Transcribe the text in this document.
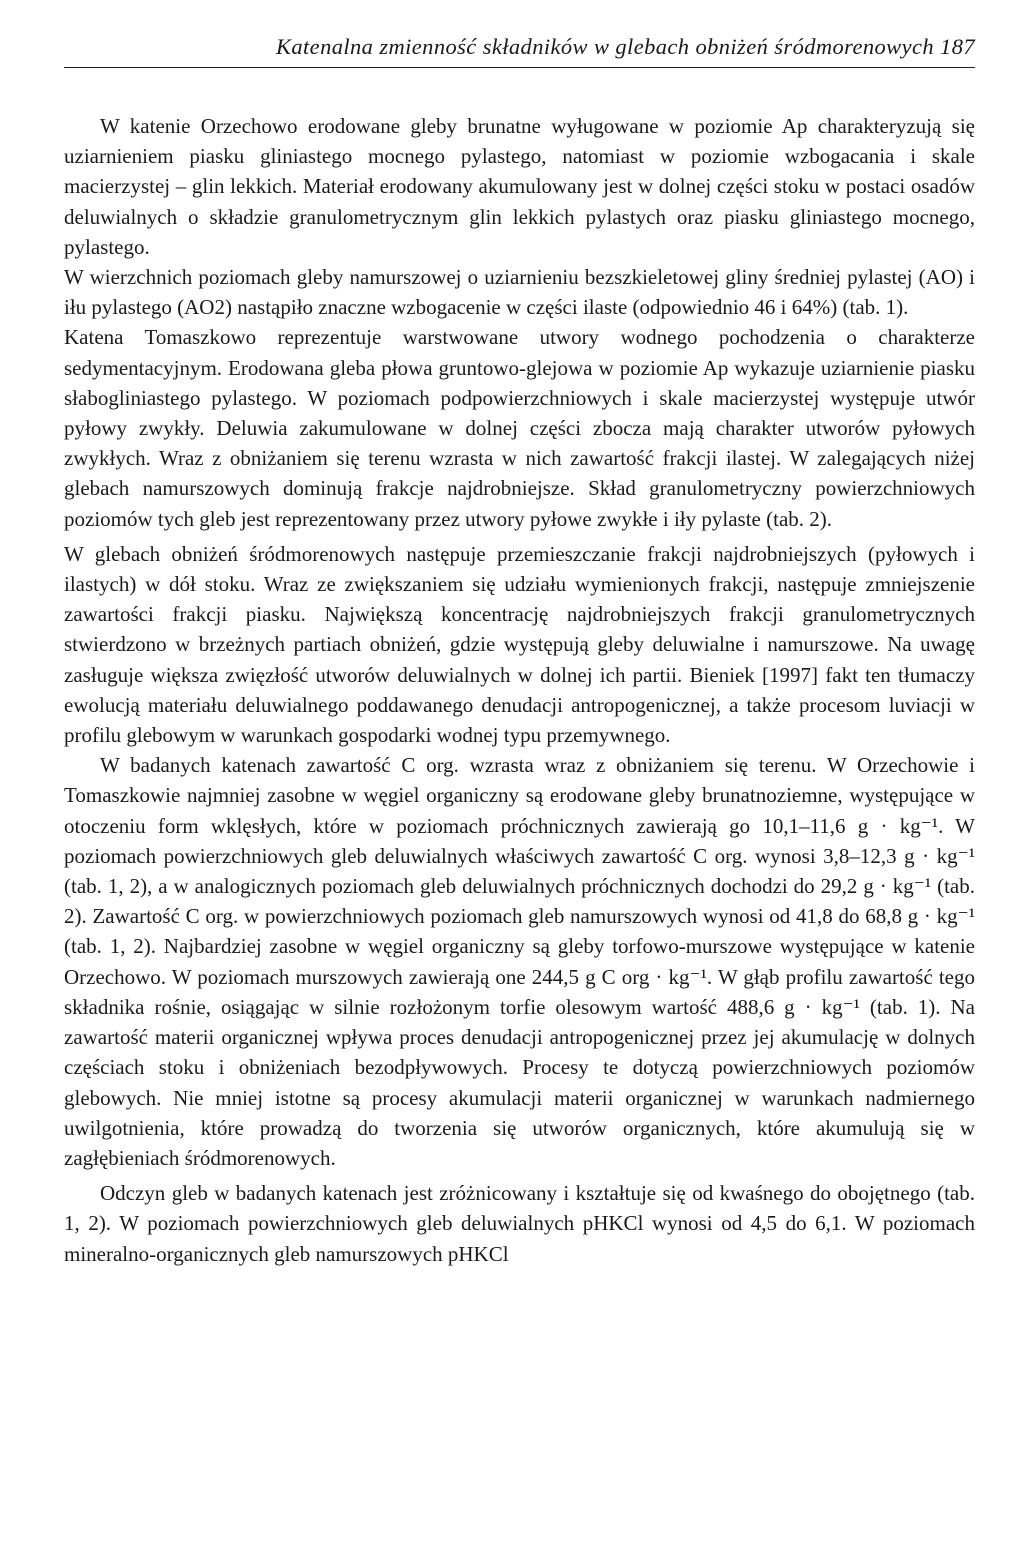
Katenalna zmienność składników w glebach obniżeń śródmorenowych 187

W katenie Orzechowo erodowane gleby brunatne wyługowane w poziomie Ap charakteryzują się uziarnieniem piasku gliniastego mocnego pylastego, natomiast w poziomie wzbogacania i skale macierzystej – glin lekkich. Materiał erodowany akumulowany jest w dolnej części stoku w postaci osadów deluwialnych o składzie granulometrycznym glin lekkich pylastych oraz piasku gliniastego mocnego, pylastego.

W wierzchnich poziomach gleby namurszowej o uziarnieniu bezszkieletowej gliny średniej pylastej (AO) i iłu pylastego (AO2) nastąpiło znaczne wzbogacenie w części ilaste (odpowiednio 46 i 64%) (tab. 1).

Katena Tomaszkowo reprezentuje warstwowane utwory wodnego pochodzenia o charakterze sedymentacyjnym. Erodowana gleba płowa gruntowo-glejowa w poziomie Ap wykazuje uziarnienie piasku słabogliniastego pylastego. W poziomach podpowierzchniowych i skale macierzystej występuje utwór pyłowy zwykły. Deluwia zakumulowane w dolnej części zbocza mają charakter utworów pyłowych zwykłych. Wraz z obniżaniem się terenu wzrasta w nich zawartość frakcji ilastej. W zalegających niżej glebach namurszowych dominują frakcje najdrobniejsze. Skład granulometryczny powierzchniowych poziomów tych gleb jest reprezentowany przez utwory pyłowe zwykłe i iły pylaste (tab. 2).

W glebach obniżeń śródmorenowych następuje przemieszczanie frakcji najdrobniejszych (pyłowych i ilastych) w dół stoku. Wraz ze zwiększaniem się udziału wymienionych frakcji, następuje zmniejszenie zawartości frakcji piasku. Największą koncentrację najdrobniejszych frakcji granulometrycznych stwierdzono w brzeżnych partiach obniżeń, gdzie występują gleby deluwialne i namurszowe. Na uwagę zasługuje większa zwięzłość utworów deluwialnych w dolnej ich partii. Bieniek [1997] fakt ten tłumaczy ewolucją materiału deluwialnego poddawanego denudacji antropogenicznej, a także procesom luviacji w profilu glebowym w warunkach gospodarki wodnej typu przemywnego.

W badanych katenach zawartość C org. wzrasta wraz z obniżaniem się terenu. W Orzechowie i Tomaszkowie najmniej zasobne w węgiel organiczny są erodowane gleby brunatnoziemne, występujące w otoczeniu form wklęsłych, które w poziomach próchnicznych zawierają go 10,1–11,6 g · kg⁻¹. W poziomach powierzchniowych gleb deluwialnych właściwych zawartość C org. wynosi 3,8–12,3 g · kg⁻¹ (tab. 1, 2), a w analogicznych poziomach gleb deluwialnych próchnicznych dochodzi do 29,2 g · kg⁻¹ (tab. 2). Zawartość C org. w powierzchniowych poziomach gleb namurszowych wynosi od 41,8 do 68,8 g · kg⁻¹ (tab. 1, 2). Najbardziej zasobne w węgiel organiczny są gleby torfowo-murszowe występujące w katenie Orzechowo. W poziomach murszowych zawierają one 244,5 g C org · kg⁻¹. W głąb profilu zawartość tego składnika rośnie, osiągając w silnie rozłożonym torfie olesowym wartość 488,6 g · kg⁻¹ (tab. 1). Na zawartość materii organicznej wpływa proces denudacji antropogenicznej przez jej akumulację w dolnych częściach stoku i obniżeniach bezodpływowych. Procesy te dotyczą powierzchniowych poziomów glebowych. Nie mniej istotne są procesy akumulacji materii organicznej w warunkach nadmiernego uwilgotnienia, które prowadzą do tworzenia się utworów organicznych, które akumulują się w zagłębieniach śródmorenowych.

Odczyn gleb w badanych katenach jest zróżnicowany i kształtuje się od kwaśnego do obojętnego (tab. 1, 2). W poziomach powierzchniowych gleb deluwialnych pHKCl wynosi od 4,5 do 6,1. W poziomach mineralno-organicznych gleb namurszowych pHKCl
